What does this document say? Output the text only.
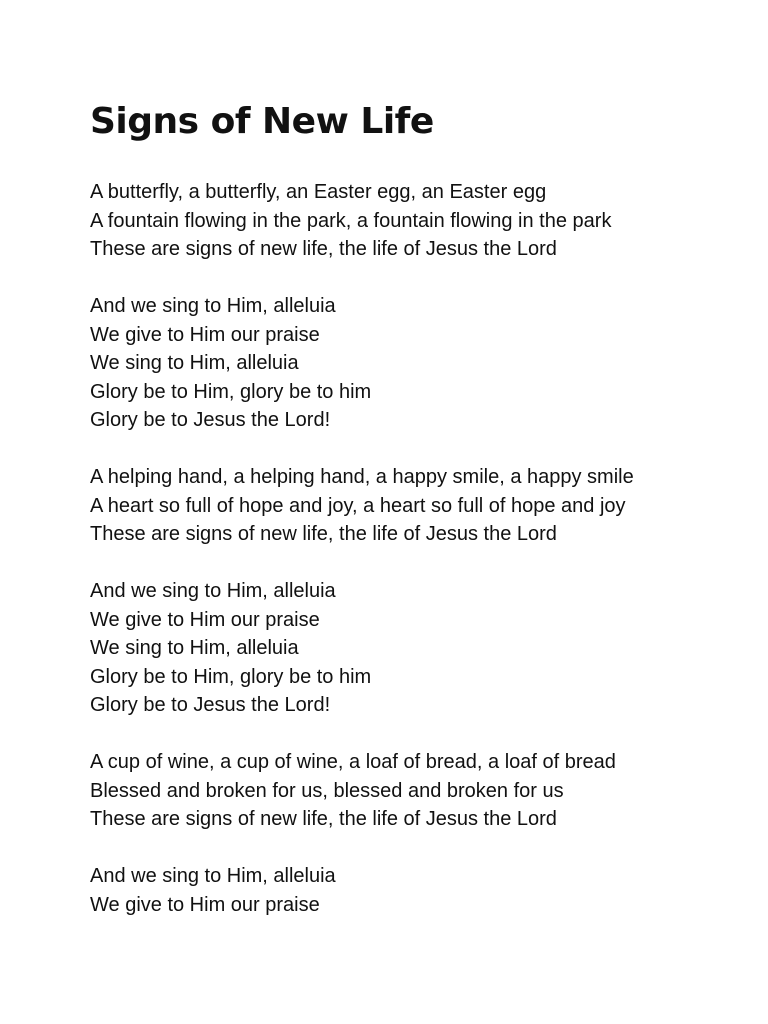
Signs of New Life
A butterfly, a butterfly, an Easter egg, an Easter egg
A fountain flowing in the park, a fountain flowing in the park
These are signs of new life, the life of Jesus the Lord
And we sing to Him, alleluia
We give to Him our praise
We sing to Him, alleluia
Glory be to Him, glory be to him
Glory be to Jesus the Lord!
A helping hand, a helping hand, a happy smile, a happy smile
A heart so full of hope and joy, a heart so full of hope and joy
These are signs of new life, the life of Jesus the Lord
And we sing to Him, alleluia
We give to Him our praise
We sing to Him, alleluia
Glory be to Him, glory be to him
Glory be to Jesus the Lord!
A cup of wine, a cup of wine, a loaf of bread, a loaf of bread
Blessed and broken for us, blessed and broken for us
These are signs of new life, the life of Jesus the Lord
And we sing to Him, alleluia
We give to Him our praise
